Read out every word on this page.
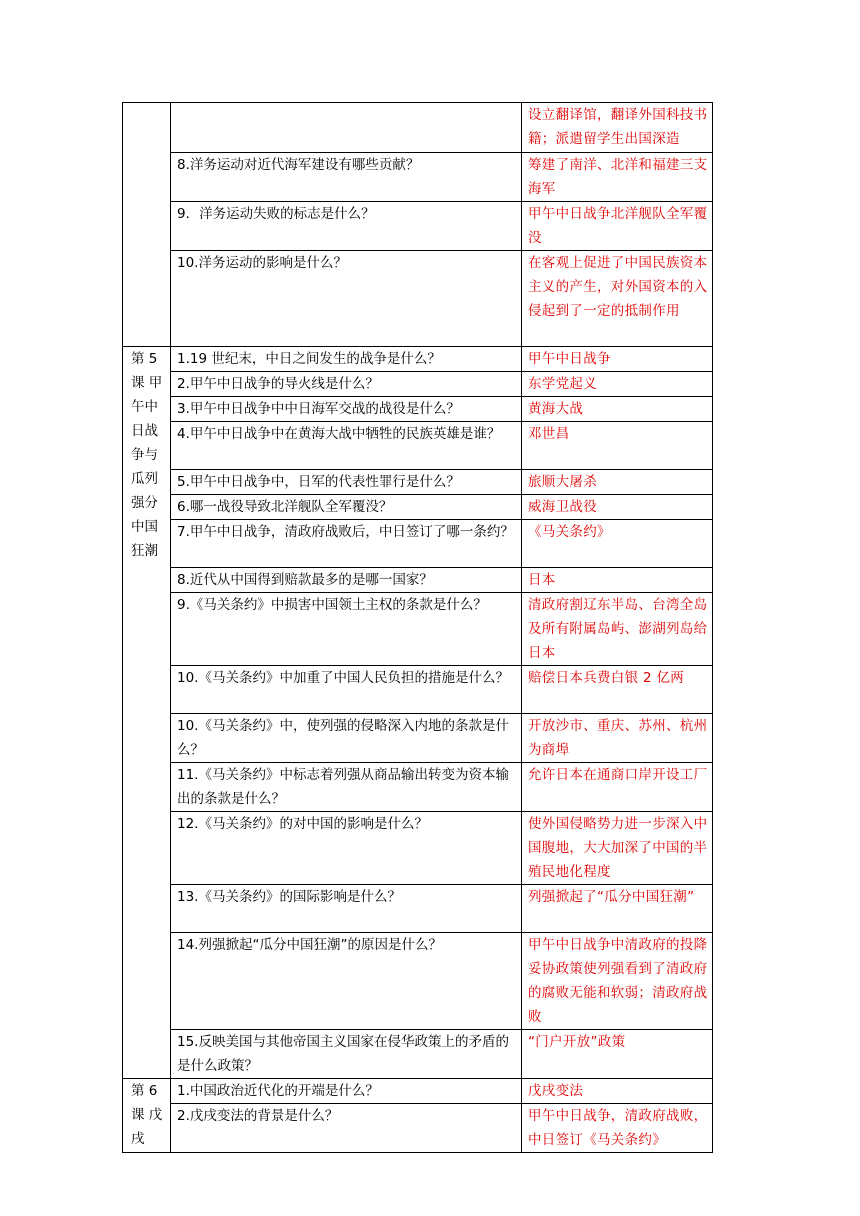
		设立翻译馆，翻译外国科技书籍；派遣留学生出国深造

	8.洋务运动对近代海军建设有哪些贡献？	筹建了南洋、北洋和福建三支海军

	9．洋务运动失败的标志是什么？	甲午中日战争北洋舰队全军覆没

	10.洋务运动的影响是什么？	在客观上促进了中国民族资本主义的产生，对外国资本的入侵起到了一定的抵制作用

第 5 课 甲午中日战争与瓜列强分中国狂潮	1.19 世纪末，中日之间发生的战争是什么？	甲午中日战争

	2.甲午中日战争的导火线是什么？	东学党起义

	3.甲午中日战争中中日海军交战的战役是什么？	黄海大战

	4.甲午中日战争中在黄海大战中牺牲的民族英雄是谁？	邓世昌

	5.甲午中日战争中，日军的代表性罪行是什么？	旅顺大屠杀

	6.哪一战役导致北洋舰队全军覆没？	威海卫战役

	7.甲午中日战争，清政府战败后，中日签订了哪一条约？	《马关条约》

	8.近代从中国得到赔款最多的是哪一国家？	日本

	9.《马关条约》中损害中国领土主权的条款是什么？	清政府割辽东半岛、台湾全岛及所有附属岛屿、澎湖列岛给日本

	10.《马关条约》中加重了中国人民负担的措施是什么？	赔偿日本兵费白银 2 亿两

	10.《马关条约》中，使列强的侵略深入内地的条款是什么？	开放沙市、重庆、苏州、杭州为商埠

	11.《马关条约》中标志着列强从商品输出转变为资本输出的条款是什么？	允许日本在通商口岸开设工厂

	12.《马关条约》的对中国的影响是什么？	使外国侵略势力进一步深入中国腹地，大大加深了中国的半殖民地化程度

	13.《马关条约》的国际影响是什么？	列强掀起了“瓜分中国狂潮”

	14.列强掀起“瓜分中国狂潮”的原因是什么？	甲午中日战争中清政府的投降妥协政策使列强看到了清政府的腐败无能和软弱；清政府战败

	15.反映美国与其他帝国主义国家在侵华政策上的矛盾的是什么政策？	“门户开放”政策

第 6 课 戊戌	1.中国政治近代化的开端是什么？	戊戌变法

	2.戊戌变法的背景是什么？	甲午中日战争，清政府战败，中日签订《马关条约》
